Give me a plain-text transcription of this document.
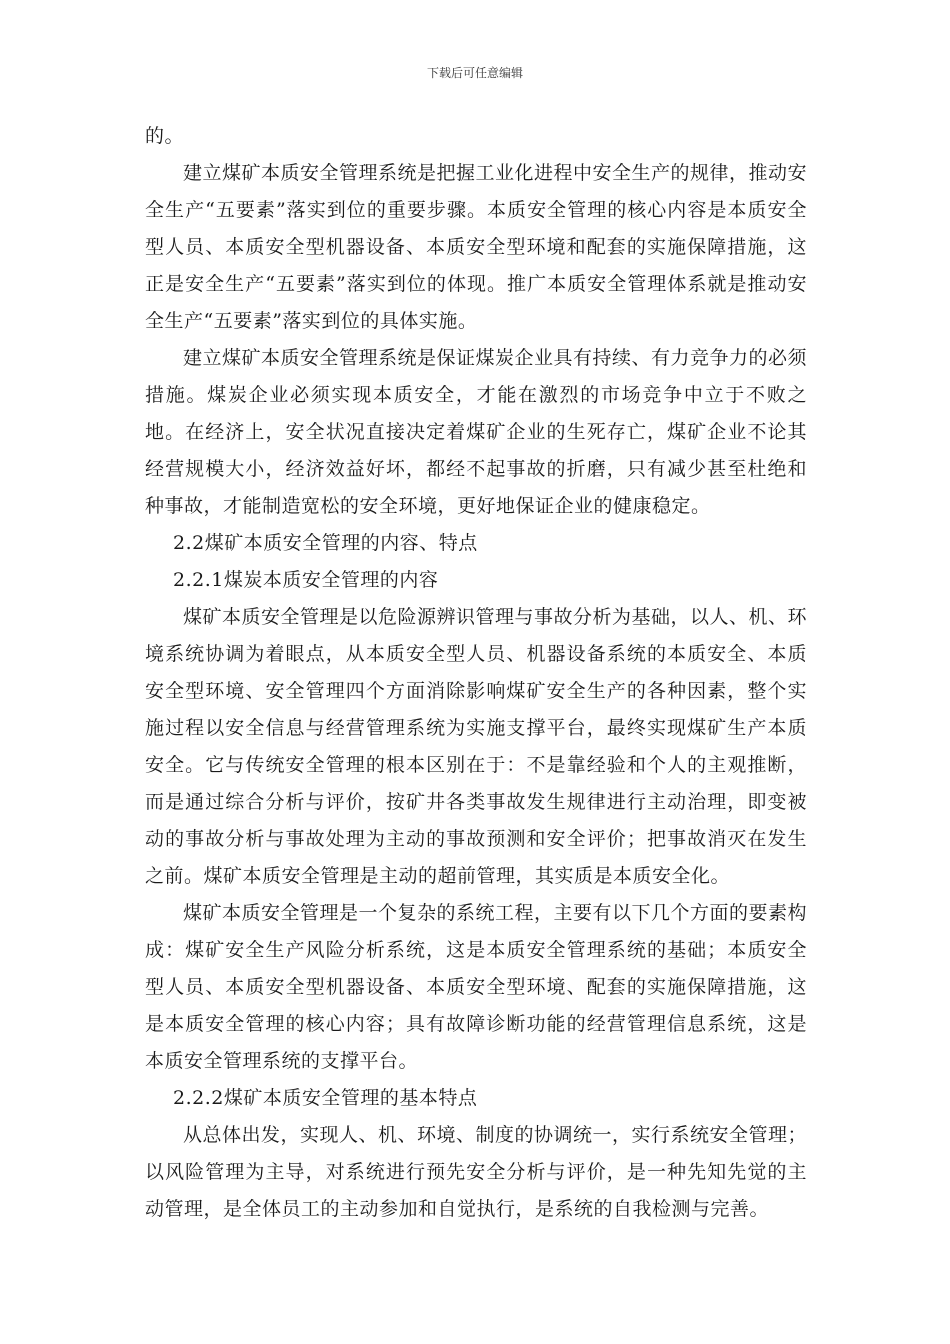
下载后可任意编辑

的。

建立煤矿本质安全管理系统是把握工业化进程中安全生产的规律，推动安全生产“五要素”落实到位的重要步骤。本质安全管理的核心内容是本质安全型人员、本质安全型机器设备、本质安全型环境和配套的实施保障措施，这正是安全生产“五要素”落实到位的体现。推广本质安全管理体系就是推动安全生产“五要素”落实到位的具体实施。

建立煤矿本质安全管理系统是保证煤炭企业具有持续、有力竞争力的必须措施。煤炭企业必须实现本质安全，才能在激烈的市场竞争中立于不败之地。在经济上，安全状况直接决定着煤矿企业的生死存亡，煤矿企业不论其经营规模大小，经济效益好坏，都经不起事故的折磨，只有减少甚至杜绝和种事故，才能制造宽松的安全环境，更好地保证企业的健康稳定。

2.2煤矿本质安全管理的内容、特点

2.2.1煤炭本质安全管理的内容

煤矿本质安全管理是以危险源辨识管理与事故分析为基础，以人、机、环境系统协调为着眼点，从本质安全型人员、机器设备系统的本质安全、本质安全型环境、安全管理四个方面消除影响煤矿安全生产的各种因素，整个实施过程以安全信息与经营管理系统为实施支撑平台，最终实现煤矿生产本质安全。它与传统安全管理的根本区别在于：不是靠经验和个人的主观推断，而是通过综合分析与评价，按矿井各类事故发生规律进行主动治理，即变被动的事故分析与事故处理为主动的事故预测和安全评价；把事故消灭在发生之前。煤矿本质安全管理是主动的超前管理，其实质是本质安全化。

煤矿本质安全管理是一个复杂的系统工程，主要有以下几个方面的要素构成：煤矿安全生产风险分析系统，这是本质安全管理系统的基础；本质安全型人员、本质安全型机器设备、本质安全型环境、配套的实施保障措施，这是本质安全管理的核心内容；具有故障诊断功能的经营管理信息系统，这是本质安全管理系统的支撑平台。

2.2.2煤矿本质安全管理的基本特点

从总体出发，实现人、机、环境、制度的协调统一，实行系统安全管理；以风险管理为主导，对系统进行预先安全分析与评价，是一种先知先觉的主动管理，是全体员工的主动参加和自觉执行，是系统的自我检测与完善。
